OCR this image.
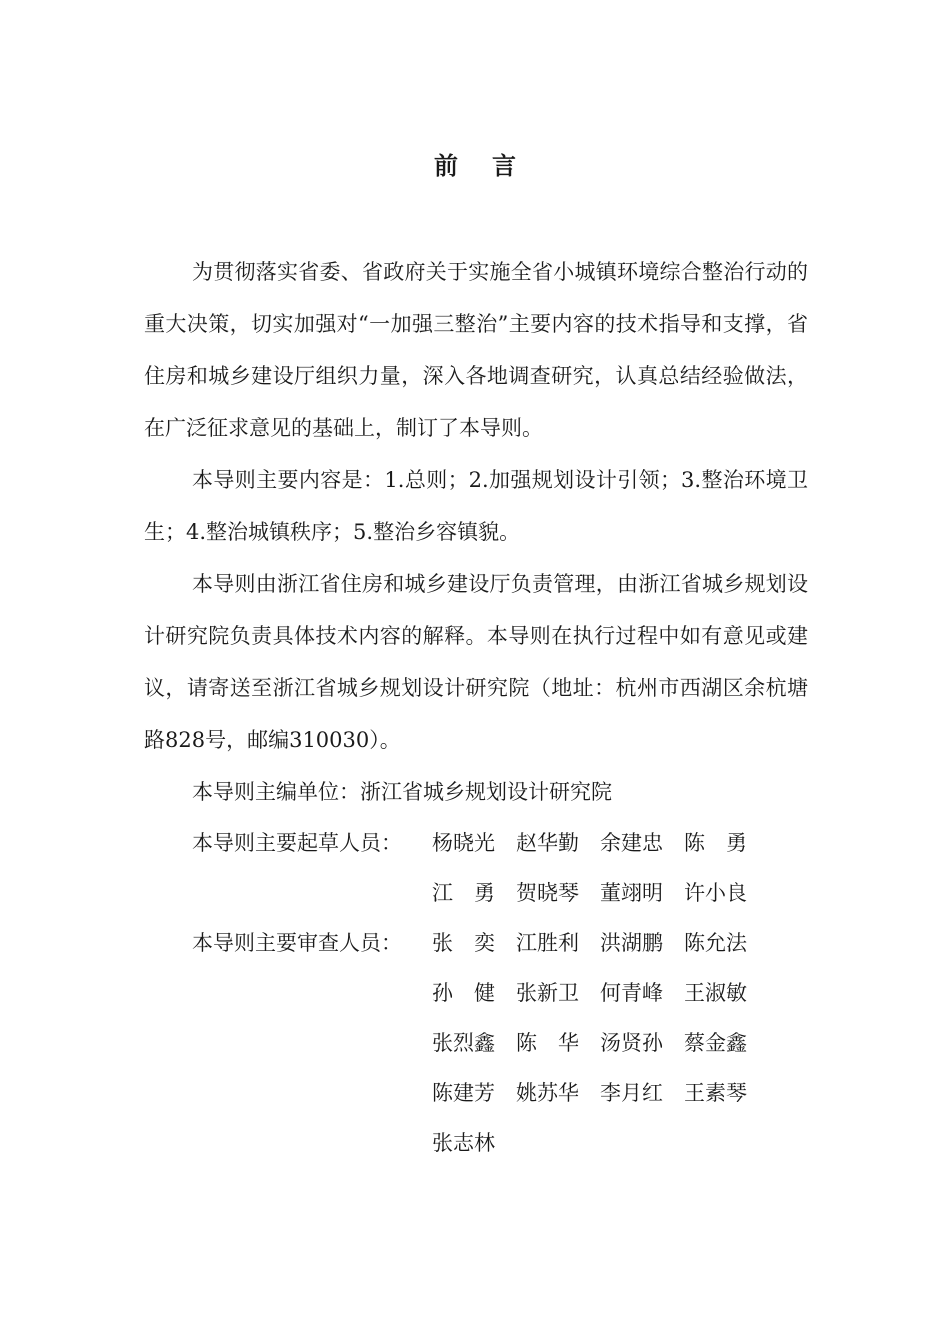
前言

为贯彻落实省委、省政府关于实施全省小城镇环境综合整治行动的重大决策，切实加强对“一加强三整治”主要内容的技术指导和支撑，省住房和城乡建设厅组织力量，深入各地调查研究，认真总结经验做法，在广泛征求意见的基础上，制订了本导则。

本导则主要内容是：1.总则；2.加强规划设计引领；3.整治环境卫生；4.整治城镇秩序；5.整治乡容镇貌。

本导则由浙江省住房和城乡建设厅负责管理，由浙江省城乡规划设计研究院负责具体技术内容的解释。本导则在执行过程中如有意见或建议，请寄送至浙江省城乡规划设计研究院（地址：杭州市西湖区余杭塘路828号，邮编310030）。

本导则主编单位：浙江省城乡规划设计研究院

本导则主要起草人员：	杨晓光	赵华勤	余建忠	陈　勇
江　勇	贺晓琴	董翊明	许小良
本导则主要审查人员：	张　奕	江胜利	洪湖鹏	陈允法
孙　健	张新卫	何青峰	王淑敏
张烈鑫	陈　华	汤贤孙	蔡金鑫
陈建芳	姚苏华	李月红	王素琴
张志林
